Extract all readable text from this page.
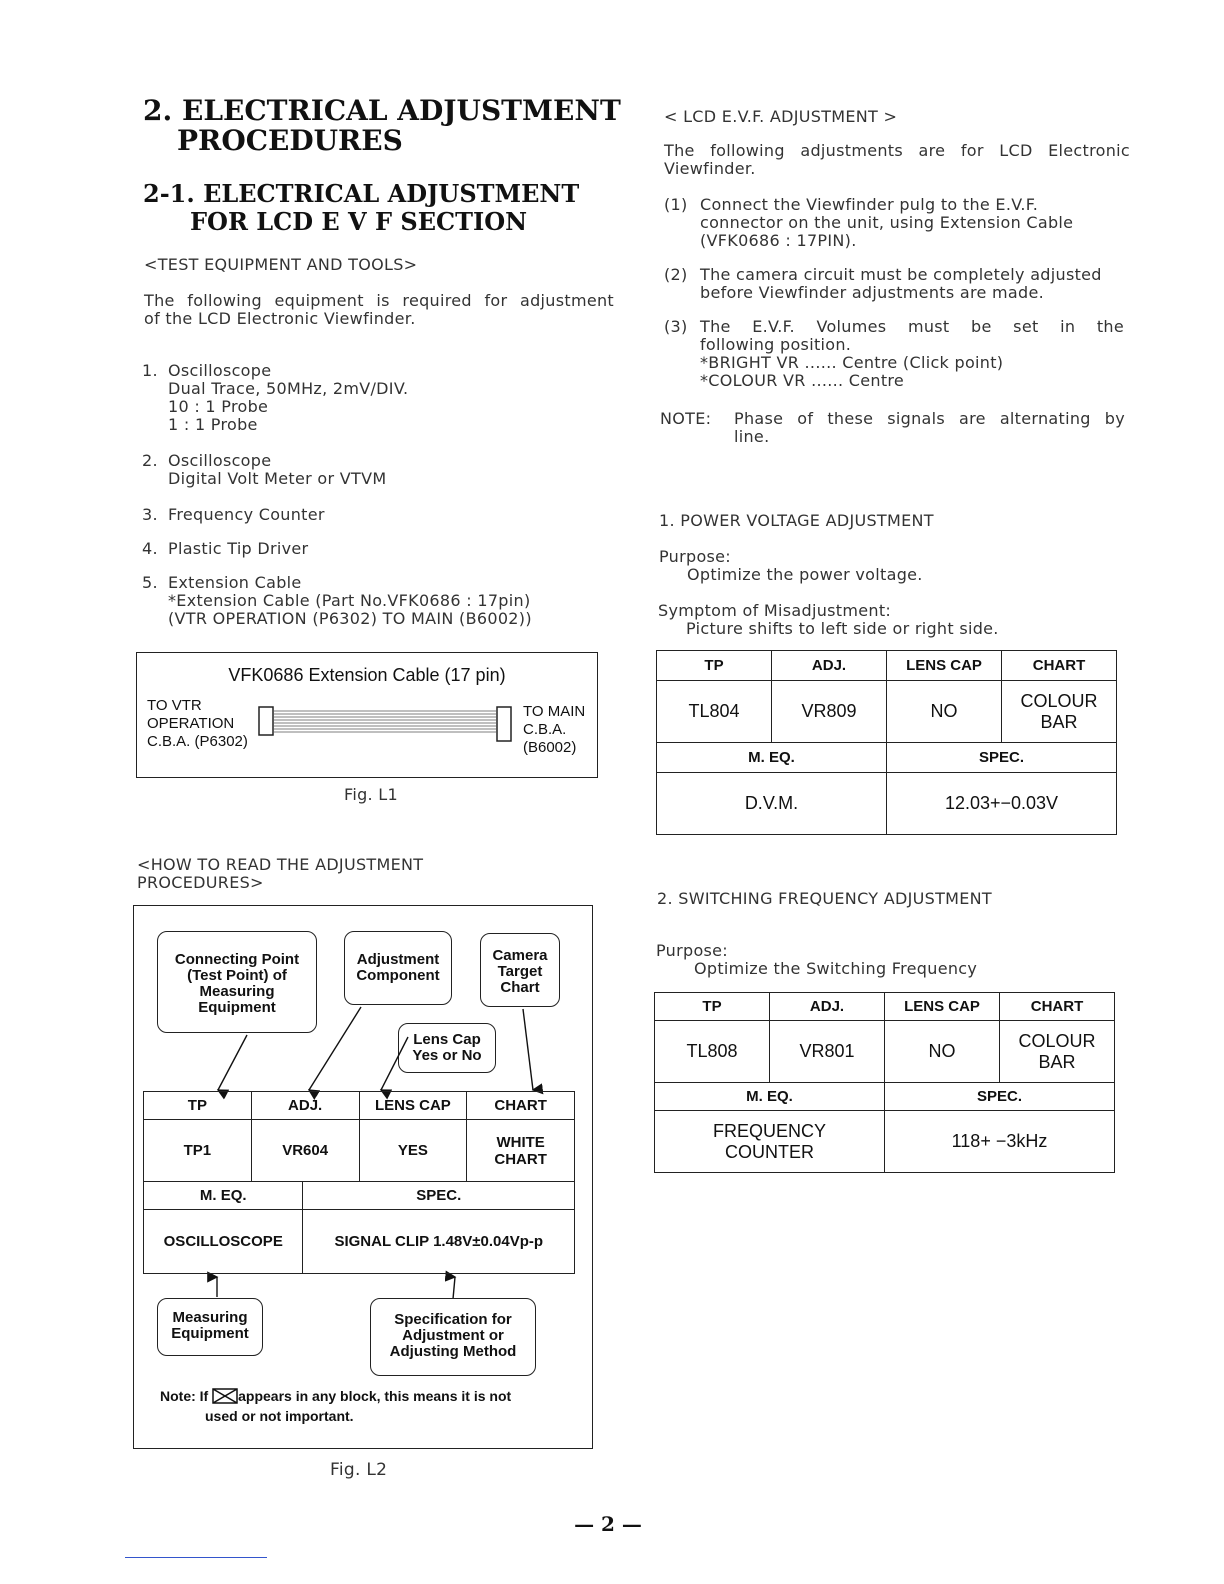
2. ELECTRICAL ADJUSTMENT
PROCEDURES
2-1. ELECTRICAL ADJUSTMENT
FOR LCD E V F SECTION
<TEST EQUIPMENT AND TOOLS>
The following equipment is required for adjustment
of the LCD Electronic Viewfinder.
1. Oscilloscope
Dual Trace, 50MHz, 2mV/DIV.
10 : 1 Probe
1 : 1 Probe
2. Oscilloscope
Digital Volt Meter or VTVM
3. Frequency Counter
4. Plastic Tip Driver
5. Extension Cable
*Extension Cable (Part No.VFK0686 : 17pin)
(VTR OPERATION (P6302) TO MAIN (B6002))
VFK0686 Extension Cable (17 pin)
TO VTR
OPERATION
C.B.A. (P6302)
TO MAIN
C.B.A.
(B6002)
Fig. L1
<HOW TO READ THE ADJUSTMENT
PROCEDURES>
Connecting Point
(Test Point) of
Measuring
Equipment
Adjustment
Component
Camera
Target
Chart
Lens Cap
Yes or No
TP	ADJ.	LENS CAP	CHART
TP1	VR604	YES	WHITE CHART
M. EQ.	SPEC.
OSCILLOSCOPE	SIGNAL CLIP 1.48V±0.04Vp-p
Measuring
Equipment
Specification for
Adjustment or
Adjusting Method
Note: If ☒appears in any block, this means it is not
used or not important.
Fig. L2
< LCD E.V.F. ADJUSTMENT >
The following adjustments are for LCD Electronic
Viewfinder.
(1) Connect the Viewfinder pulg to the E.V.F.
connector on the unit, using Extension Cable
(VFK0686 : 17PIN).
(2) The camera circuit must be completely adjusted
before Viewfinder adjustments are made.
(3) The E.V.F. Volumes must be set in the
following position.
*BRIGHT VR ...... Centre (Click point)
*COLOUR VR ...... Centre
NOTE:	Phase of these signals are alternating by
line.
1. POWER VOLTAGE ADJUSTMENT
Purpose:
Optimize the power voltage.
Symptom of Misadjustment:
Picture shifts to left side or right side.
TP	ADJ.	LENS CAP	CHART
TL804	VR809	NO	COLOUR BAR
M. EQ.	SPEC.
D.V.M.	12.03+−0.03V
2. SWITCHING FREQUENCY ADJUSTMENT
Purpose:
Optimize the Switching Frequency
TP	ADJ.	LENS CAP	CHART
TL808	VR801	NO	COLOUR BAR
M. EQ.	SPEC.
FREQUENCY COUNTER	118+ −3kHz
— 2 —
